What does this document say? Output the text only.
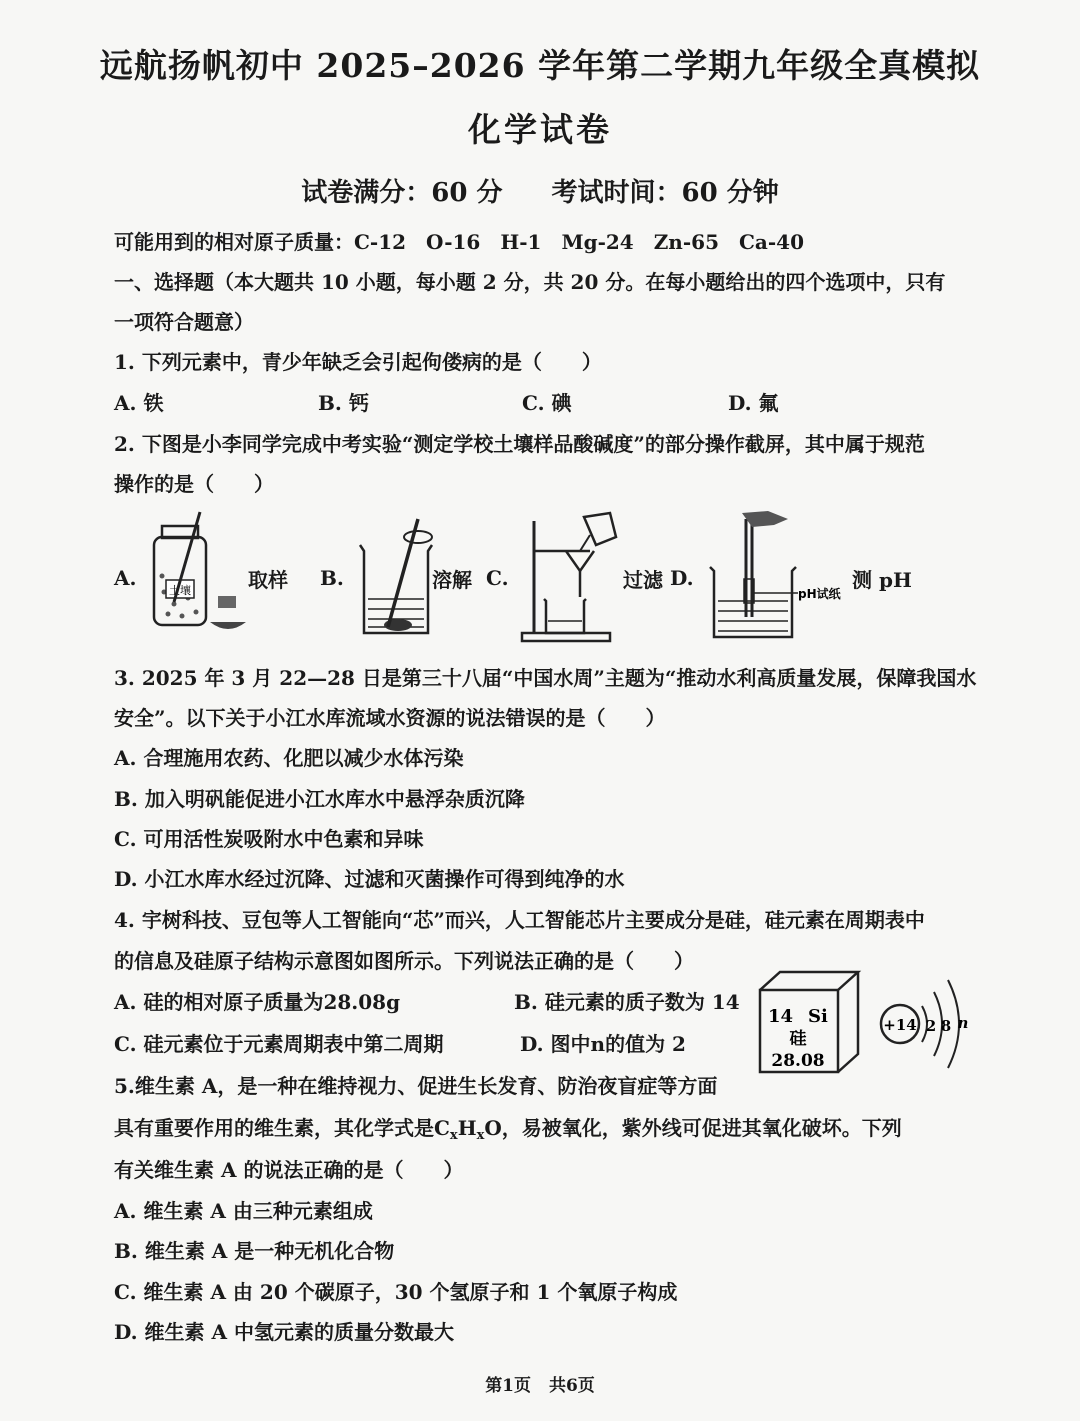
远航扬帆初中 2025–2026 学年第二学期九年级全真模拟
化学试卷
试卷满分：60 分 考试时间：60 分钟
可能用到的相对原子质量：C-12　O-16　H-1　Mg-24　Zn-65　Ca-40
一、选择题（本大题共 10 小题，每小题 2 分，共 20 分。在每小题给出的四个选项中，只有
一项符合题意）
1. 下列元素中，青少年缺乏会引起佝偻病的是（　　）
A. 铁	B. 钙	C. 碘	D. 氟
2. 下图是小李同学完成中考实验“测定学校土壤样品酸碱度”的部分操作截屏，其中属于规范
操作的是（　　）
A.	取样 B.	溶解 C.	过滤 D.	测 pH
土壤	pH试纸
3. 2025 年 3 月 22—28 日是第三十八届“中国水周”主题为“推动水利高质量发展，保障我国水
安全”。以下关于小江水库流域水资源的说法错误的是（　　）
A. 合理施用农药、化肥以减少水体污染
B. 加入明矾能促进小江水库水中悬浮杂质沉降
C. 可用活性炭吸附水中色素和异味
D. 小江水库水经过沉降、过滤和灭菌操作可得到纯净的水
4. 宇树科技、豆包等人工智能向“芯”而兴，人工智能芯片主要成分是硅，硅元素在周期表中
的信息及硅原子结构示意图如图所示。下列说法正确的是（　　）
A. 硅的相对原子质量为28.08g	B. 硅元素的质子数为 14
C. 硅元素位于元素周期表中第二周期	D. 图中n的值为 2
14 Si
硅
28.08
+14 2 8 n
5.维生素 A，是一种在维持视力、促进生长发育、防治夜盲症等方面
具有重要作用的维生素，其化学式是$C_xH_xO$，易被氧化，紫外线可促进其氧化破坏。下列
有关维生素 A 的说法正确的是（　　）
A. 维生素 A 由三种元素组成
B. 维生素 A 是一种无机化合物
C. 维生素 A 由 20 个碳原子，30 个氢原子和 1 个氧原子构成
D. 维生素 A 中氢元素的质量分数最大
第1页 共6页
